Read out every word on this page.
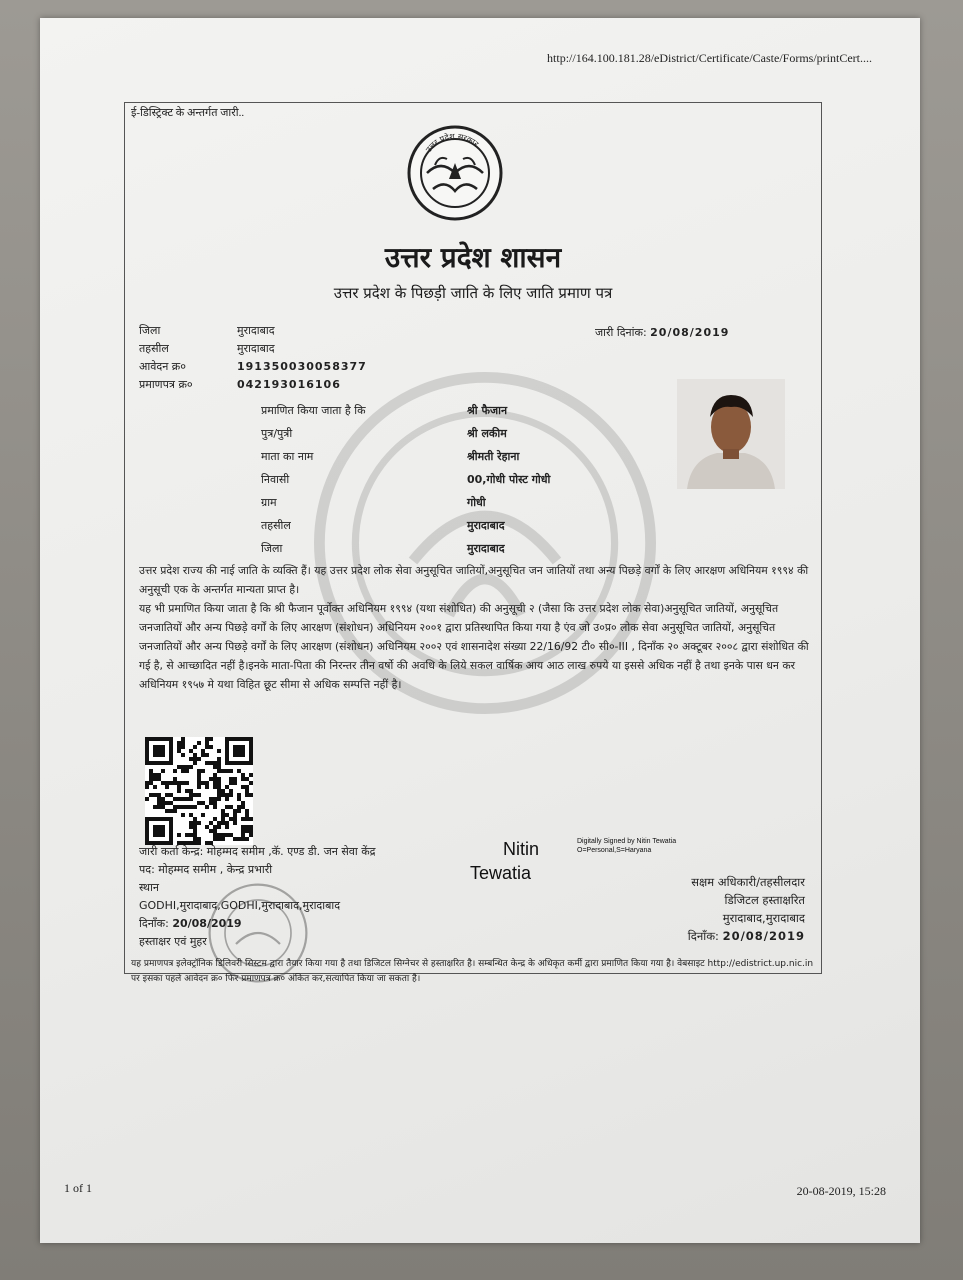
http://164.100.181.28/eDistrict/Certificate/Caste/Forms/printCert....
ई-डिस्ट्रिक्ट के अन्तर्गत जारी..
उत्तर प्रदेश सरकार
उत्तर प्रदेश शासन
उत्तर प्रदेश के पिछड़ी जाति के लिए जाति प्रमाण पत्र
जिला	मुरादाबाद
तहसील	मुरादाबाद
आवेदन क्र०	191350030058377
प्रमाणपत्र क्र०	042193016106
जारी दिनांक: 20/08/2019
प्रमाणित किया जाता है कि	श्री फैजान
पुत्र/पुत्री	श्री लकीम
माता का नाम	श्रीमती रेहाना
निवासी	00,गोधी पोस्ट गोधी
ग्राम	गोधी
तहसील	मुरादाबाद
जिला	मुरादाबाद
उत्तर प्रदेश राज्य की नाई जाति के व्यक्ति हैं। यह उत्तर प्रदेश लोक सेवा अनुसूचित जातियों,अनुसूचित जन जातियों तथा अन्य पिछड़े वर्गों के लिए आरक्षण अधिनियम १९९४ की अनुसूची एक के अन्तर्गत मान्यता प्राप्त है।
यह भी प्रमाणित किया जाता है कि श्री फैजान पूर्वोक्त अधिनियम १९९४ (यथा संशोधित) की अनुसूची २ (जैसा कि उत्तर प्रदेश लोक सेवा)अनुसूचित जातियों, अनुसूचित जनजातियों और अन्य पिछड़े वर्गों के लिए आरक्षण (संशोधन) अधिनियम २००१ द्वारा प्रतिस्थापित किया गया है एंव जो उ०प्र० लोक सेवा अनुसूचित जातियों, अनुसूचित जनजातियों और अन्य पिछड़े वर्गों के लिए आरक्षण (संशोधन) अधिनियम २००२ एवं शासनादेश संख्या 22/16/92 टी० सी०-III , दिनाँक २० अक्टूबर २००८ द्वारा संशोधित की गई है, से आच्छादित नहीं है।इनके माता-पिता की निरन्तर तीन वर्षो की अवधि के लिये सकल वार्षिक आय आठ लाख रुपये या इससे अधिक नहीं है तथा इनके पास धन कर अधिनियम १९५७ मे यथा विहित छूट सीमा से अधिक सम्पत्ति नहीं है।
जारी कर्ता केन्द्र: मोहम्मद समीम ,कॅ. एण्ड डी. जन सेवा केंद्र
पद: मोहम्मद समीम , केन्द्र प्रभारी
स्थान
GODHI,मुरादाबाद,GODHI,मुरादाबाद,मुरादाबाद
दिनाँक: 20/08/2019
हस्ताक्षर एवं मुहर
Nitin
Tewatia
Digitally Signed by Nitin Tewatia O=Personal,S=Haryana
सक्षम अधिकारी/तहसीलदार
डिजिटल हस्ताक्षरित
मुरादाबाद,मुरादाबाद
दिनाँक: 20/08/2019
यह प्रमाणपत्र इलेक्ट्रॉनिक डिलिवरी सिस्टम द्वारा तैयार किया गया है तथा डिजिटल सिग्नेचर से हस्ताक्षरित है। सम्बन्धित केन्द्र के अधिकृत कर्मी द्वारा प्रमाणित किया गया है। वेबसाइट http://edistrict.up.nic.in पर इसका पहले आवेदन क्र० फिर प्रमाणपत्र क्र० अंकित कर,सत्यापित किया जा सकता है।
1 of 1	20-08-2019, 15:28
